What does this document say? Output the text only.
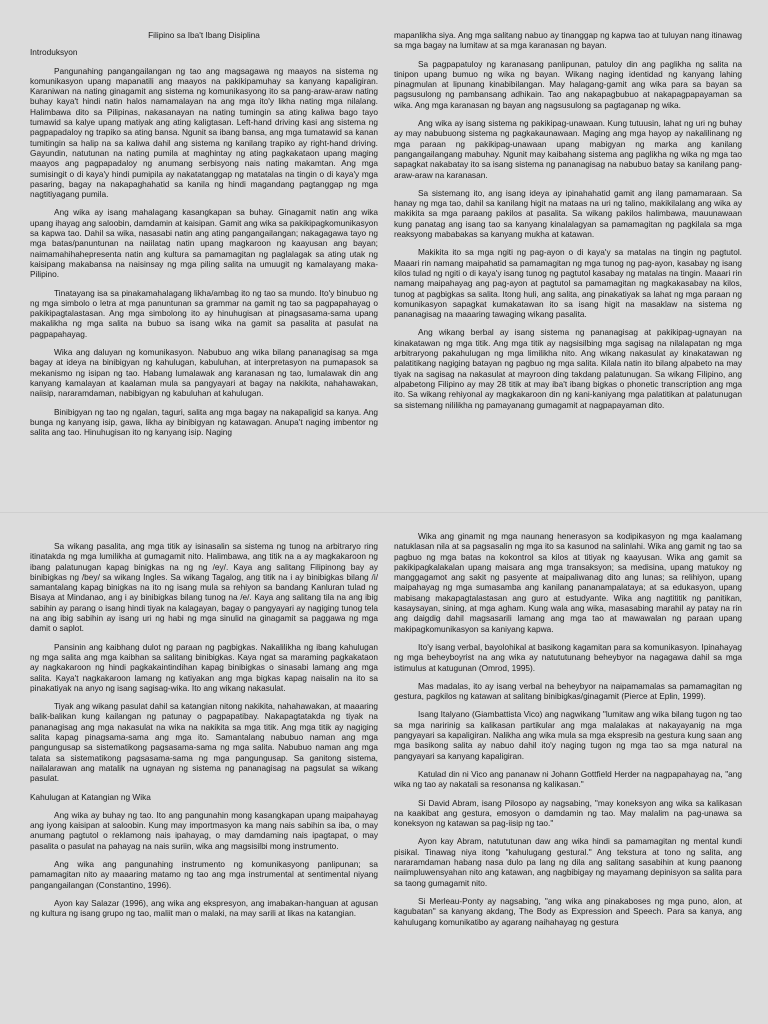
Filipino sa Iba't Ibang Disiplina

Introduksyon

Pangunahing pangangailangan ng tao ang magsagawa ng maayos na sistema ng komunikasyon upang mapanatili ang maayos na pakikipamuhay sa kanyang kapaligiran. Karaniwan na nating ginagamit ang sistema ng komunikasyong ito sa pang-araw-araw nating buhay kaya't hindi natin halos namamalayan na ang mga ito'y likha nating mga nilalang. Halimbawa dito sa Pilipinas, nakasanayan na nating tumingin sa ating kaliwa bago tayo tumawid sa kalye upang matiyak ang ating kaligtasan. Left-hand driving kasi ang sistema ng pagpapadaloy ng trapiko sa ating bansa. Ngunit sa ibang bansa, ang mga tumatawid sa kanan tumitingin sa halip na sa kaliwa dahil ang sistema ng kanilang trapiko ay right-hand driving. Gayundin, natutunan na nating pumila at maghintay ng ating pagkakataon upang maging maayos ang pagpapadaloy ng anumang serbisyong nais nating makamtan. Ang mga sumisingit o di kaya'y hindi pumipila ay nakatatanggap ng matatalas na tingin o di kaya'y mga pasaring, bagay na nakapaghahatid sa kanila ng hindi magandang pagtanggap ng mga nagtitiyagang pumila.

Ang wika ay isang mahalagang kasangkapan sa buhay. Ginagamit natin ang wika upang ihayag ang saloobin, damdamin at kaisipan. Gamit ang wika sa pakikipagkomunikasyon sa kapwa tao. Dahil sa wika, nasasabi natin ang ating pangangailangan; nakagagawa tayo ng mga batas/panuntunan na naiilatag natin upang magkaroon ng kaayusan ang bayan; naimamahihahepresenta natin ang kultura sa pamamagitan ng paglalagak sa ating utak ng kaisipang makabansa na naisinsay ng mga piling salita na umuugit ng kamalayang maka-Pilipino.

Tinatayang isa sa pinakamahalagang likha/ambag ito ng tao sa mundo. Ito'y binubuo ng ng mga simbolo o letra at mga panuntunan sa grammar na gamit ng tao sa pagpapahayag o pakikipagtalastasan. Ang mga simbolong ito ay hinuhugisan at pinagsasama-sama upang makalikha ng mga salita na bubuo sa isang wika na gamit sa pasalita at pasulat na pagpapahayag.

Wika ang daluyan ng komunikasyon. Nabubuo ang wika bilang pananagisag sa mga bagay at ideya na binibigyan ng kahulugan, kabuluhan, at interpretasyon na pumapasok sa mekanismo ng isipan ng tao. Habang lumalawak ang karanasan ng tao, lumalawak din ang kanyang kamalayan at kaalaman mula sa pangyayari at bagay na nakikita, nahahawakan, naiisip, nararamdaman, nabibigyan ng kabuluhan at kahulugan.

Binibigyan ng tao ng ngalan, taguri, salita ang mga bagay na nakapaligid sa kanya. Ang bunga ng kanyang isip, gawa, likha ay binibigyan ng katawagan. Anupa't naging imbentor ng salita ang tao. Hinuhugisan ito ng kanyang isip. Naging

mapanlikha siya. Ang mga salitang nabuo ay tinanggap ng kapwa tao at tuluyan nang itinawag sa mga bagay na lumitaw at sa mga karanasan ng bayan.

Sa pagpapatuloy ng karanasang panlipunan, patuloy din ang paglikha ng salita na tinipon upang bumuo ng wika ng bayan. Wikang naging identidad ng kanyang lahing pinagmulan at lipunang kinabibilangan. May halagang-gamit ang wika para sa bayan sa pagsusulong ng pambansang adhikain. Tao ang nakapagbubuo at nakapagpapayaman sa wika. Ang mga karanasan ng bayan ang nagsusulong sa pagtaganap ng wika.

Ang wika ay isang sistema ng pakikipag-unawaan. Kung tutuusin, lahat ng uri ng buhay ay may nabubuong sistema ng pagkakaunawaan. Maging ang mga hayop ay nakalilinang ng mga paraan ng pakikipag-unawaan upang mabigyan ng marka ang kanilang pangangailangang mabuhay. Ngunit may kaibahang sistema ang paglikha ng wika ng mga tao sapagkat nakabatay ito sa isang sistema ng pananagisag na nabubuo batay sa kanilang pang-araw-araw na karanasan.

Sa sistemang ito, ang isang ideya ay ipinahahatid gamit ang ilang pamamaraan. Sa hanay ng mga tao, dahil sa kanilang higit na mataas na uri ng talino, makikilalang ang wika ay makikita sa mga paraang pakilos at pasalita. Sa wikang pakilos halimbawa, mauunawaan kung panatag ang isang tao sa kanyang kinalalagyan sa pamamagitan ng pagkilala sa mga reaksyong mababakas sa kanyang mukha at katawan.

Makikita ito sa mga ngiti ng pag-ayon o di kaya'y sa matalas na tingin ng pagtutol. Maaari rin namang maipahatid sa pamamagitan ng mga tunog ng pag-ayon, kasabay ng isang kilos tulad ng ngiti o di kaya'y isang tunog ng pagtutol kasabay ng matalas na tingin. Maaari rin namang maipahayag ang pag-ayon at pagtutol sa pamamagitan ng magkakasabay na kilos, tunog at pagbigkas sa salita. Itong huli, ang salita, ang pinakatiyak sa lahat ng mga paraan ng komunikasyon sapagkat kumakatawan ito sa isang higit na masaklaw na sistema ng pananagisag na maaaring tawaging wikang pasalita.

Ang wikang berbal ay isang sistema ng pananagisag at pakikipag-ugnayan na kinakatawan ng mga titik. Ang mga titik ay nagsisilbing mga sagisag na nilalapatan ng mga arbitraryong pakahulugan ng mga limilikha nito. Ang wikang nakasulat ay kinakatawan ng palatitikang nagiging batayan ng pagbuo ng mga salita. Kilala natin ito bilang alpabeto na may tiyak na sagisag na nakasulat at mayroon ding takdang palatunugan. Sa wikang Filipino, ang alpabetong Filipino ay may 28 titik at may iba't ibang bigkas o phonetic transcription ang mga ito. Sa wikang rehiyonal ay magkakaroon din ng kani-kaniyang mga palatitikan at palatunugan sa sistemang nililikha ng pamayanang gumagamit at nagpapayaman dito.

Sa wikang pasalita, ang mga titik ay isinasalin sa sistema ng tunog na arbitraryo ring itinatakda ng mga lumilikha at gumagamit nito. Halimbawa, ang titik na a ay magkakaroon ng ibang palatunugan kapag binigkas na ng ng /ey/. Kaya ang salitang Filipinong bay ay binibigkas ng /bey/ sa wikang Ingles. Sa wikang Tagalog, ang titik na i ay binibigkas bilang /i/ samantalang kapag binigkas na ito ng isang mula sa rehiyon sa bandang Kanluran tulad ng Bisaya at Mindanao, ang i ay binibigkas bilang tunog na /e/. Kaya ang salitang tila na ang ibig sabihin ay parang o isang hindi tiyak na kalagayan, bagay o pangyayari ay nagiging tunog tela na ang ibig sabihin ay isang uri ng habi ng mga sinulid na ginagamit sa paggawa ng mga damit o saplot.

Pansinin ang kaibhang dulot ng paraan ng pagbigkas. Nakalilikha ng ibang kahulugan ng mga salita ang mga kaibhan sa salitang binibigkas. Kaya ngat sa maraming pagkakataon ay nagkakaroon ng hindi pagkakaintindihan kapag binibigkas o sinasabi lamang ang mga salita. Kaya't nagkakaroon lamang ng katiyakan ang mga bigkas kapag naisalin na ito sa pinakatiyak na anyo ng isang sagisag-wika. Ito ang wikang nakasulat.

Tiyak ang wikang pasulat dahil sa katangian nitong nakikita, nahahawakan, at maaaring balik-balikan kung kailangan ng patunay o pagpapatibay. Nakapagtatakda ng tiyak na pananagisag ang mga nakasulat na wika na nakikita sa mga titik. Ang mga titik ay nagiging salita kapag pinagsama-sama ang mga ito. Samantalang nabubuo naman ang mga pangungusap sa sistematikong pagsasama-sama ng mga salita. Nabubuo naman ang mga talata sa sistematikong pagsasama-sama ng mga pangungusap. Sa ganitong sistema, nailalarawan ang matalik na ugnayan ng sistema ng pananagisag na pagsulat sa wikang pasulat.

Kahulugan at Katangian ng Wika

Ang wika ay buhay ng tao. Ito ang pangunahin mong kasangkapan upang maipahayag ang iyong kaisipan at saloobin. Kung may importmasyon ka mang nais sabihin sa iba, o may anumang pagtutol o reklamong nais ipahayag, o may damdaming nais ipagtapat, o may pasalita o pasulat na pahayag na nais suriin, wika ang magsisilbi mong instrumento.

Ang wika ang pangunahing instrumento ng komunikasyong panlipunan; sa pamamagitan nito ay maaaring matamo ng tao ang mga instrumental at sentimental niyang pangangailangan (Constantino, 1996).

Ayon kay Salazar (1996), ang wika ang ekspresyon, ang imabakan-hanguan at agusan ng kultura ng isang grupo ng tao, maliit man o malaki, na may sarili at likas na katangian.

Wika ang ginamit ng mga naunang henerasyon sa kodipikasyon ng mga kaalamang natuklasan nila at sa pagsasalin ng mga ito sa kasunod na salinlahi. Wika ang gamit ng tao sa pagbuo ng mga batas na kokontrol sa kilos at titiyak ng kaayusan. Wika ang gamit sa pakikipagkalakalan upang maisara ang mga transaksyon; sa medisina, upang matukoy ng manggagamot ang sakit ng pasyente at maipaliwanag dito ang lunas; sa relihiyon, upang maipahayag ng mga sumasamba ang kanilang pananampalataya; at sa edukasyon, upang mabisang makapagtalastasan ang guro at estudyante. Wika ang nagtititik ng panitikan, kasaysayan, sining, at mga agham. Kung wala ang wika, masasabing marahil ay patay na rin ang daigdig dahil magsasarili lamang ang mga tao at mawawalan ng paraan upang makipagkomunikasyon sa kaniyang kapwa.

Ito'y isang verbal, bayolohikal at basikong kagamitan para sa komunikasyon. Ipinahayag ng mga beheyboyrist na ang wika ay natututunang beheybyor na nagagawa dahil sa mga istimulus at katugunan (Omrod, 1995).

Mas madalas, ito ay isang verbal na beheybyor na naipamamalas sa pamamagitan ng gestura, pagkilos ng katawan at salitang binibigkas/ginagamit (Pierce at Eplin, 1999).

Isang Italyano (Giambattista Vico) ang nagwikang "lumitaw ang wika bilang tugon ng tao sa mga naririnig sa kalikasan partikular ang mga malalakas at nakayayanig na mga pangyayari sa kapaligiran. Nalikha ang wika mula sa mga ekspresib na gestura kung saan ang mga basikong salita ay nabuo dahil ito'y naging tugon ng mga tao sa mga natural na pangyayari sa kanyang kapaligiran.

Katulad din ni Vico ang pananaw ni Johann Gottfield Herder na nagpapahayag na, "ang wika ng tao ay nakatali sa resonansa ng kalikasan."

Si David Abram, isang Pilosopo ay nagsabing, "may koneksyon ang wika sa kalikasan na kaakibat ang gestura, emosyon o damdamin ng tao. May malalim na pag-unawa sa koneksyon ng katawan sa pag-iisip ng tao."

Ayon kay Abram, natututunan daw ang wika hindi sa pamamagitan ng mental kundi pisikal. Tinawag niya itong "kahulugang gestural." Ang tekstura at tono ng salita, ang nararamdaman habang nasa dulo pa lang ng dila ang salitang sasabihin at kung paanong naiimpluwensyahan nito ang katawan, ang nagbibigay ng mayamang depinisyon sa salita para sa taong gumagamit nito.

Si Merleau-Ponty ay nagsabing, "ang wika ang pinakaboses ng mga puno, alon, at kagubatan" sa kanyang akdang, The Body as Expression and Speech. Para sa kanya, ang kahulugang komunikatibo ay agarang naihahayag ng gestura
